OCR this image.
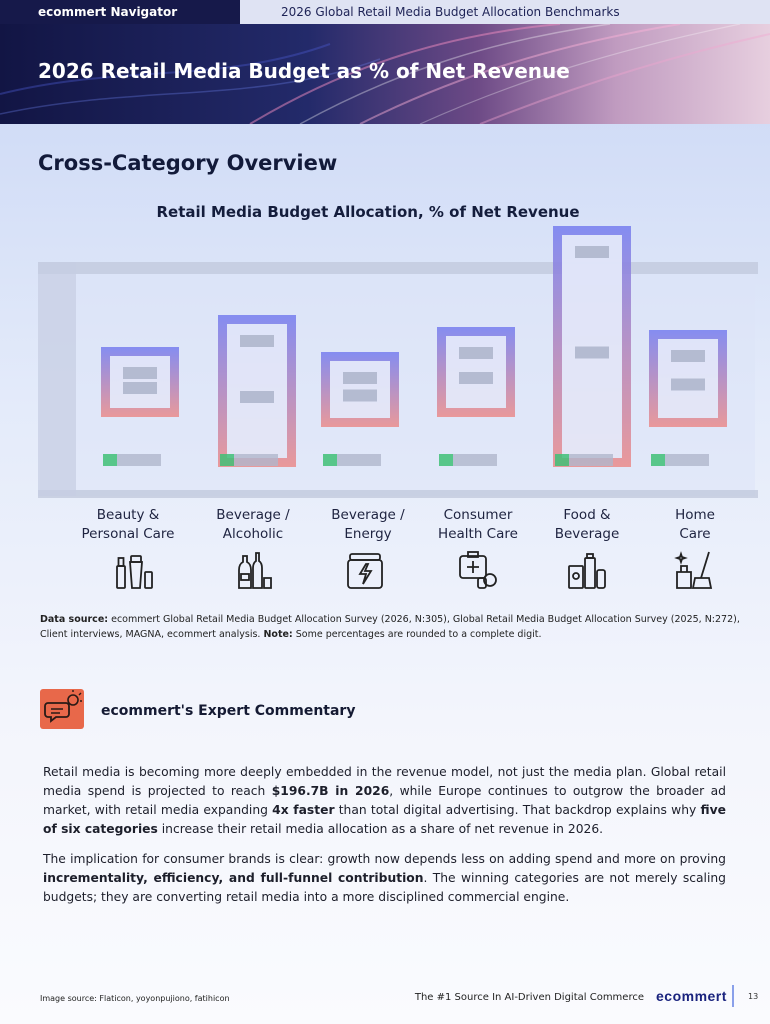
ecommert Navigator	2026 Global Retail Media Budget Allocation Benchmarks
2026 Retail Media Budget as % of Net Revenue
Cross-Category Overview
Retail Media Budget Allocation, % of Net Revenue
Beauty &
Personal Care
Beverage /
Alcoholic
Beverage /
Energy
Consumer
Health Care
Food &
Beverage
Home
Care
Data source: ecommert Global Retail Media Budget Allocation Survey (2026, N:305), Global Retail Media Budget Allocation Survey (2025, N:272), Client interviews, MAGNA, ecommert analysis. Note: Some percentages are rounded to a complete digit.
ecommert's Expert Commentary
Retail media is becoming more deeply embedded in the revenue model, not just the media plan. Global retail media spend is projected to reach $196.7B in 2026, while Europe continues to outgrow the broader ad market, with retail media expanding 4x faster than total digital advertising. That backdrop explains why five of six categories increase their retail media allocation as a share of net revenue in 2026.
The implication for consumer brands is clear: growth now depends less on adding spend and more on proving incrementality, efficiency, and full-funnel contribution. The winning categories are not merely scaling budgets; they are converting retail media into a more disciplined commercial engine.
Image source: Flaticon, yoyonpujiono, fatihicon	The #1 Source In AI-Driven Digital Commerce ecommert	13
